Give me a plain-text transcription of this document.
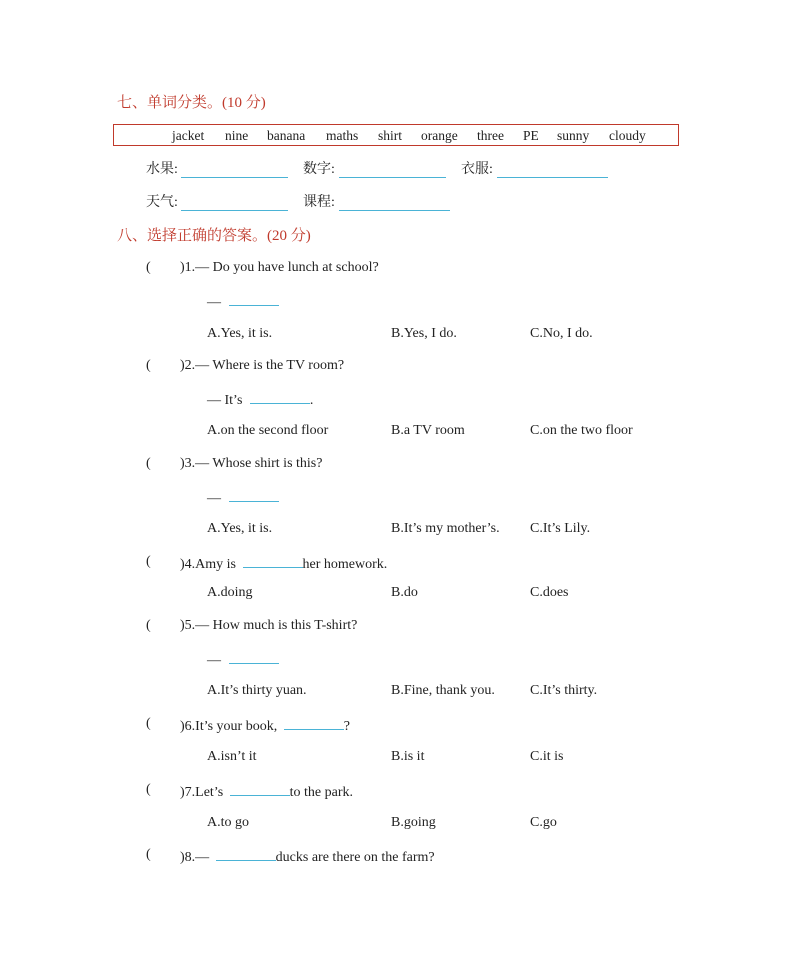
七、单词分类。(10 分)
jacket nine banana maths shirt orange three PE sunny cloudy
水果:	数字:	衣服:
天气:	课程:
八、选择正确的答案。(20 分)
( )1.— Do you have lunch at school?
—
A.Yes, it is.	B.Yes, I do.	C.No, I do.
( )2.— Where is the TV room?
— It’s	.
A.on the second floor	B.a TV room	C.on the two floor
( )3.— Whose shirt is this?
—
A.Yes, it is.	B.It’s my mother’s. C.It’s Lily.
( )4.Amy is	her homework.
A.doing	B.do	C.does
( )5.— How much is this T-shirt?
—
A.It’s thirty yuan.	B.Fine, thank you.	C.It’s thirty.
( )6.It’s your book,	?
A.isn’t it	B.is it	C.it is
( )7.Let’s	to the park.
A.to go	B.going	C.go
( )8.—	ducks are there on the farm?
